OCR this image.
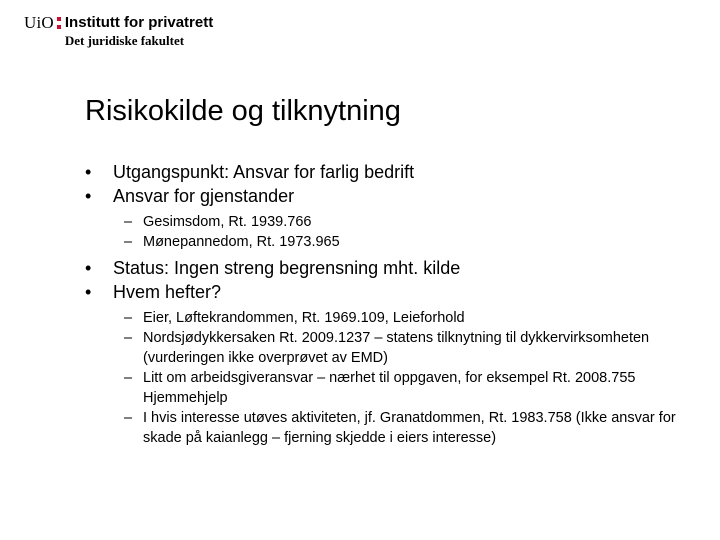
UiO Institutt for privatrett
Det juridiske fakultet
Risikokilde og tilknytning
• Utgangspunkt: Ansvar for farlig bedrift
• Ansvar for gjenstander
– Gesimsdom, Rt. 1939.766
– Mønepannedom, Rt. 1973.965
• Status: Ingen streng begrensning mht. kilde
• Hvem hefter?
– Eier, Løftekrandommen, Rt. 1969.109, Leieforhold
– Nordsjødykkersaken Rt. 2009.1237 – statens tilknytning til dykkervirksomheten (vurderingen ikke overprøvet av EMD)
– Litt om arbeidsgiveransvar – nærhet til oppgaven, for eksempel Rt. 2008.755 Hjemmehjelp
– I hvis interesse utøves aktiviteten, jf. Granatdommen, Rt. 1983.758 (Ikke ansvar for skade på kaianlegg – fjerning skjedde i eiers interesse)
